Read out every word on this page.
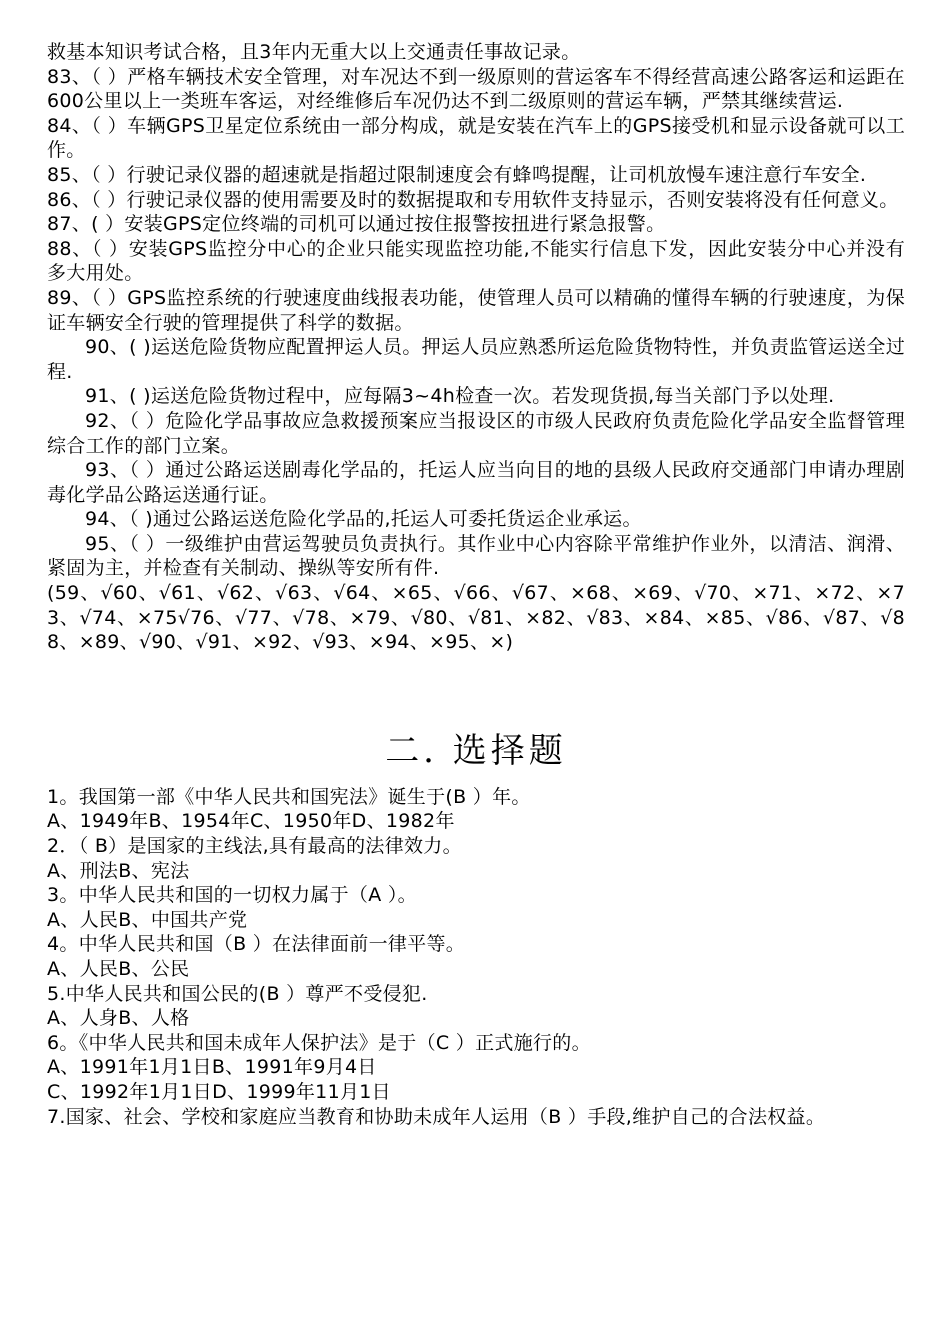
救基本知识考试合格，且3年内无重大以上交通责任事故记录。

83、（ ）严格车辆技术安全管理，对车况达不到一级原则的营运客车不得经营高速公路客运和运距在600公里以上一类班车客运，对经维修后车况仍达不到二级原则的营运车辆，严禁其继续营运.

84、（ ）车辆GPS卫星定位系统由一部分构成，就是安装在汽车上的GPS接受机和显示设备就可以工作。

85、（ ）行驶记录仪器的超速就是指超过限制速度会有蜂鸣提醒，让司机放慢车速注意行车安全.

86、（ ）行驶记录仪器的使用需要及时的数据提取和专用软件支持显示，否则安装将没有任何意义。

87、( ）安装GPS定位终端的司机可以通过按住报警按扭进行紧急报警。

88、（ ）安装GPS监控分中心的企业只能实现监控功能,不能实行信息下发，因此安装分中心并没有多大用处。

89、（ ）GPS监控系统的行驶速度曲线报表功能，使管理人员可以精确的懂得车辆的行驶速度，为保证车辆安全行驶的管理提供了科学的数据。

90、( )运送危险货物应配置押运人员。押运人员应熟悉所运危险货物特性，并负责监管运送全过程.

91、( )运送危险货物过程中，应每隔3~4h检查一次。若发现货损,每当关部门予以处理.

92、（ ）危险化学品事故应急救援预案应当报设区的市级人民政府负责危险化学品安全监督管理综合工作的部门立案。

93、（ ）通过公路运送剧毒化学品的，托运人应当向目的地的县级人民政府交通部门申请办理剧毒化学品公路运送通行证。

94、（ )通过公路运送危险化学品的,托运人可委托货运企业承运。

95、（ ）一级维护由营运驾驶员负责执行。其作业中心内容除平常维护作业外，以清洁、润滑、紧固为主，并检查有关制动、操纵等安所有件.

(59、√60、√61、√62、√63、√64、×65、√66、√67、×68、×69、√70、×71、×72、×73、√74、×75√76、√77、√78、×79、√80、√81、×82、√83、×84、×85、√86、√87、√88、×89、√90、√91、×92、√93、×94、×95、×)

二. 选择题

1。我国第一部《中华人民共和国宪法》诞生于(B ）年。

A、1949年B、1954年C、1950年D、1982年

2．（ B）是国家的主线法,具有最高的法律效力。

A、刑法B、宪法

3。中华人民共和国的一切权力属于（A ）。

A、人民B、中国共产党

4。中华人民共和国（B ）在法律面前一律平等。

A、人民B、公民

5.中华人民共和国公民的(B ）尊严不受侵犯.

A、人身B、人格

6。《中华人民共和国未成年人保护法》是于（C ）正式施行的。

A、1991年1月1日B、1991年9月4日

C、1992年1月1日D、1999年11月1日

7.国家、社会、学校和家庭应当教育和协助未成年人运用（B ）手段,维护自己的合法权益。
